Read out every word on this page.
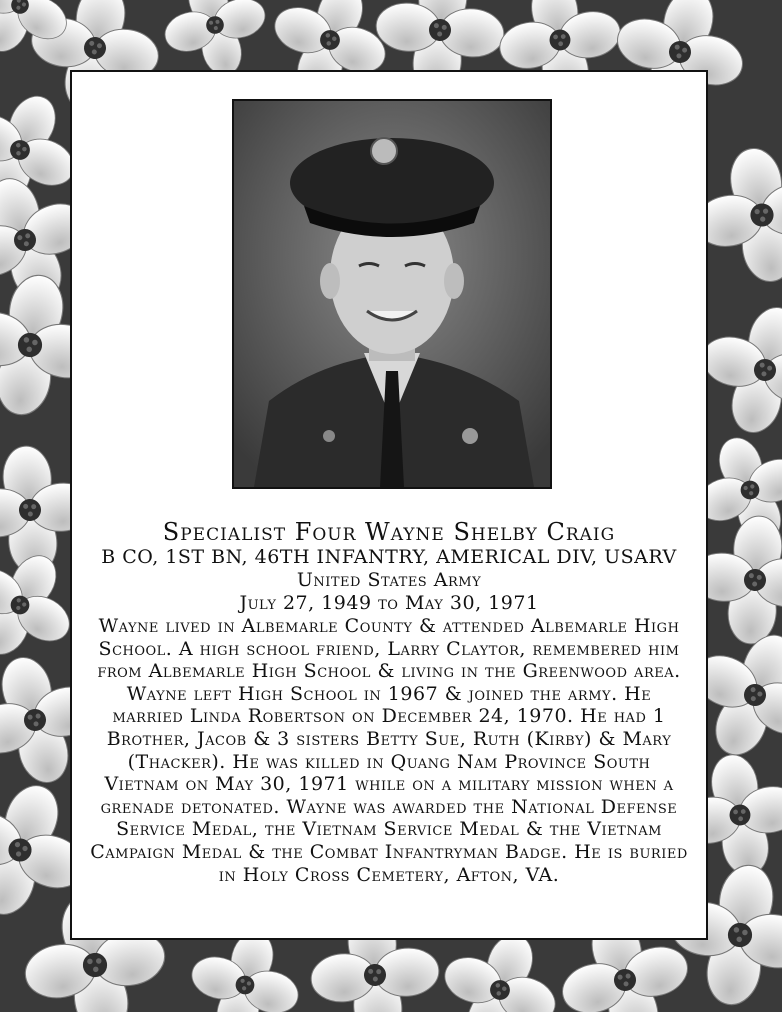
Specialist Four Wayne Shelby Craig
B CO, 1ST BN, 46TH INFANTRY, AMERICAL DIV, USARV
United States Army
July 27, 1949 to May 30, 1971
Wayne lived in Albemarle County & attended Albemarle High School. A high school friend, Larry Claytor, remembered him from Albemarle High School & living in the Greenwood area. Wayne left High School in 1967 & joined the army. He married Linda Robertson on December 24, 1970. He had 1 Brother, Jacob & 3 sisters Betty Sue, Ruth (Kirby) & Mary (Thacker). He was killed in Quang Nam Province South Vietnam on May 30, 1971 while on a military mission when a grenade detonated. Wayne was awarded the National Defense Service Medal, the Vietnam Service Medal & the Vietnam Campaign Medal & the Combat Infantryman Badge. He is buried in Holy Cross Cemetery, Afton, VA.
